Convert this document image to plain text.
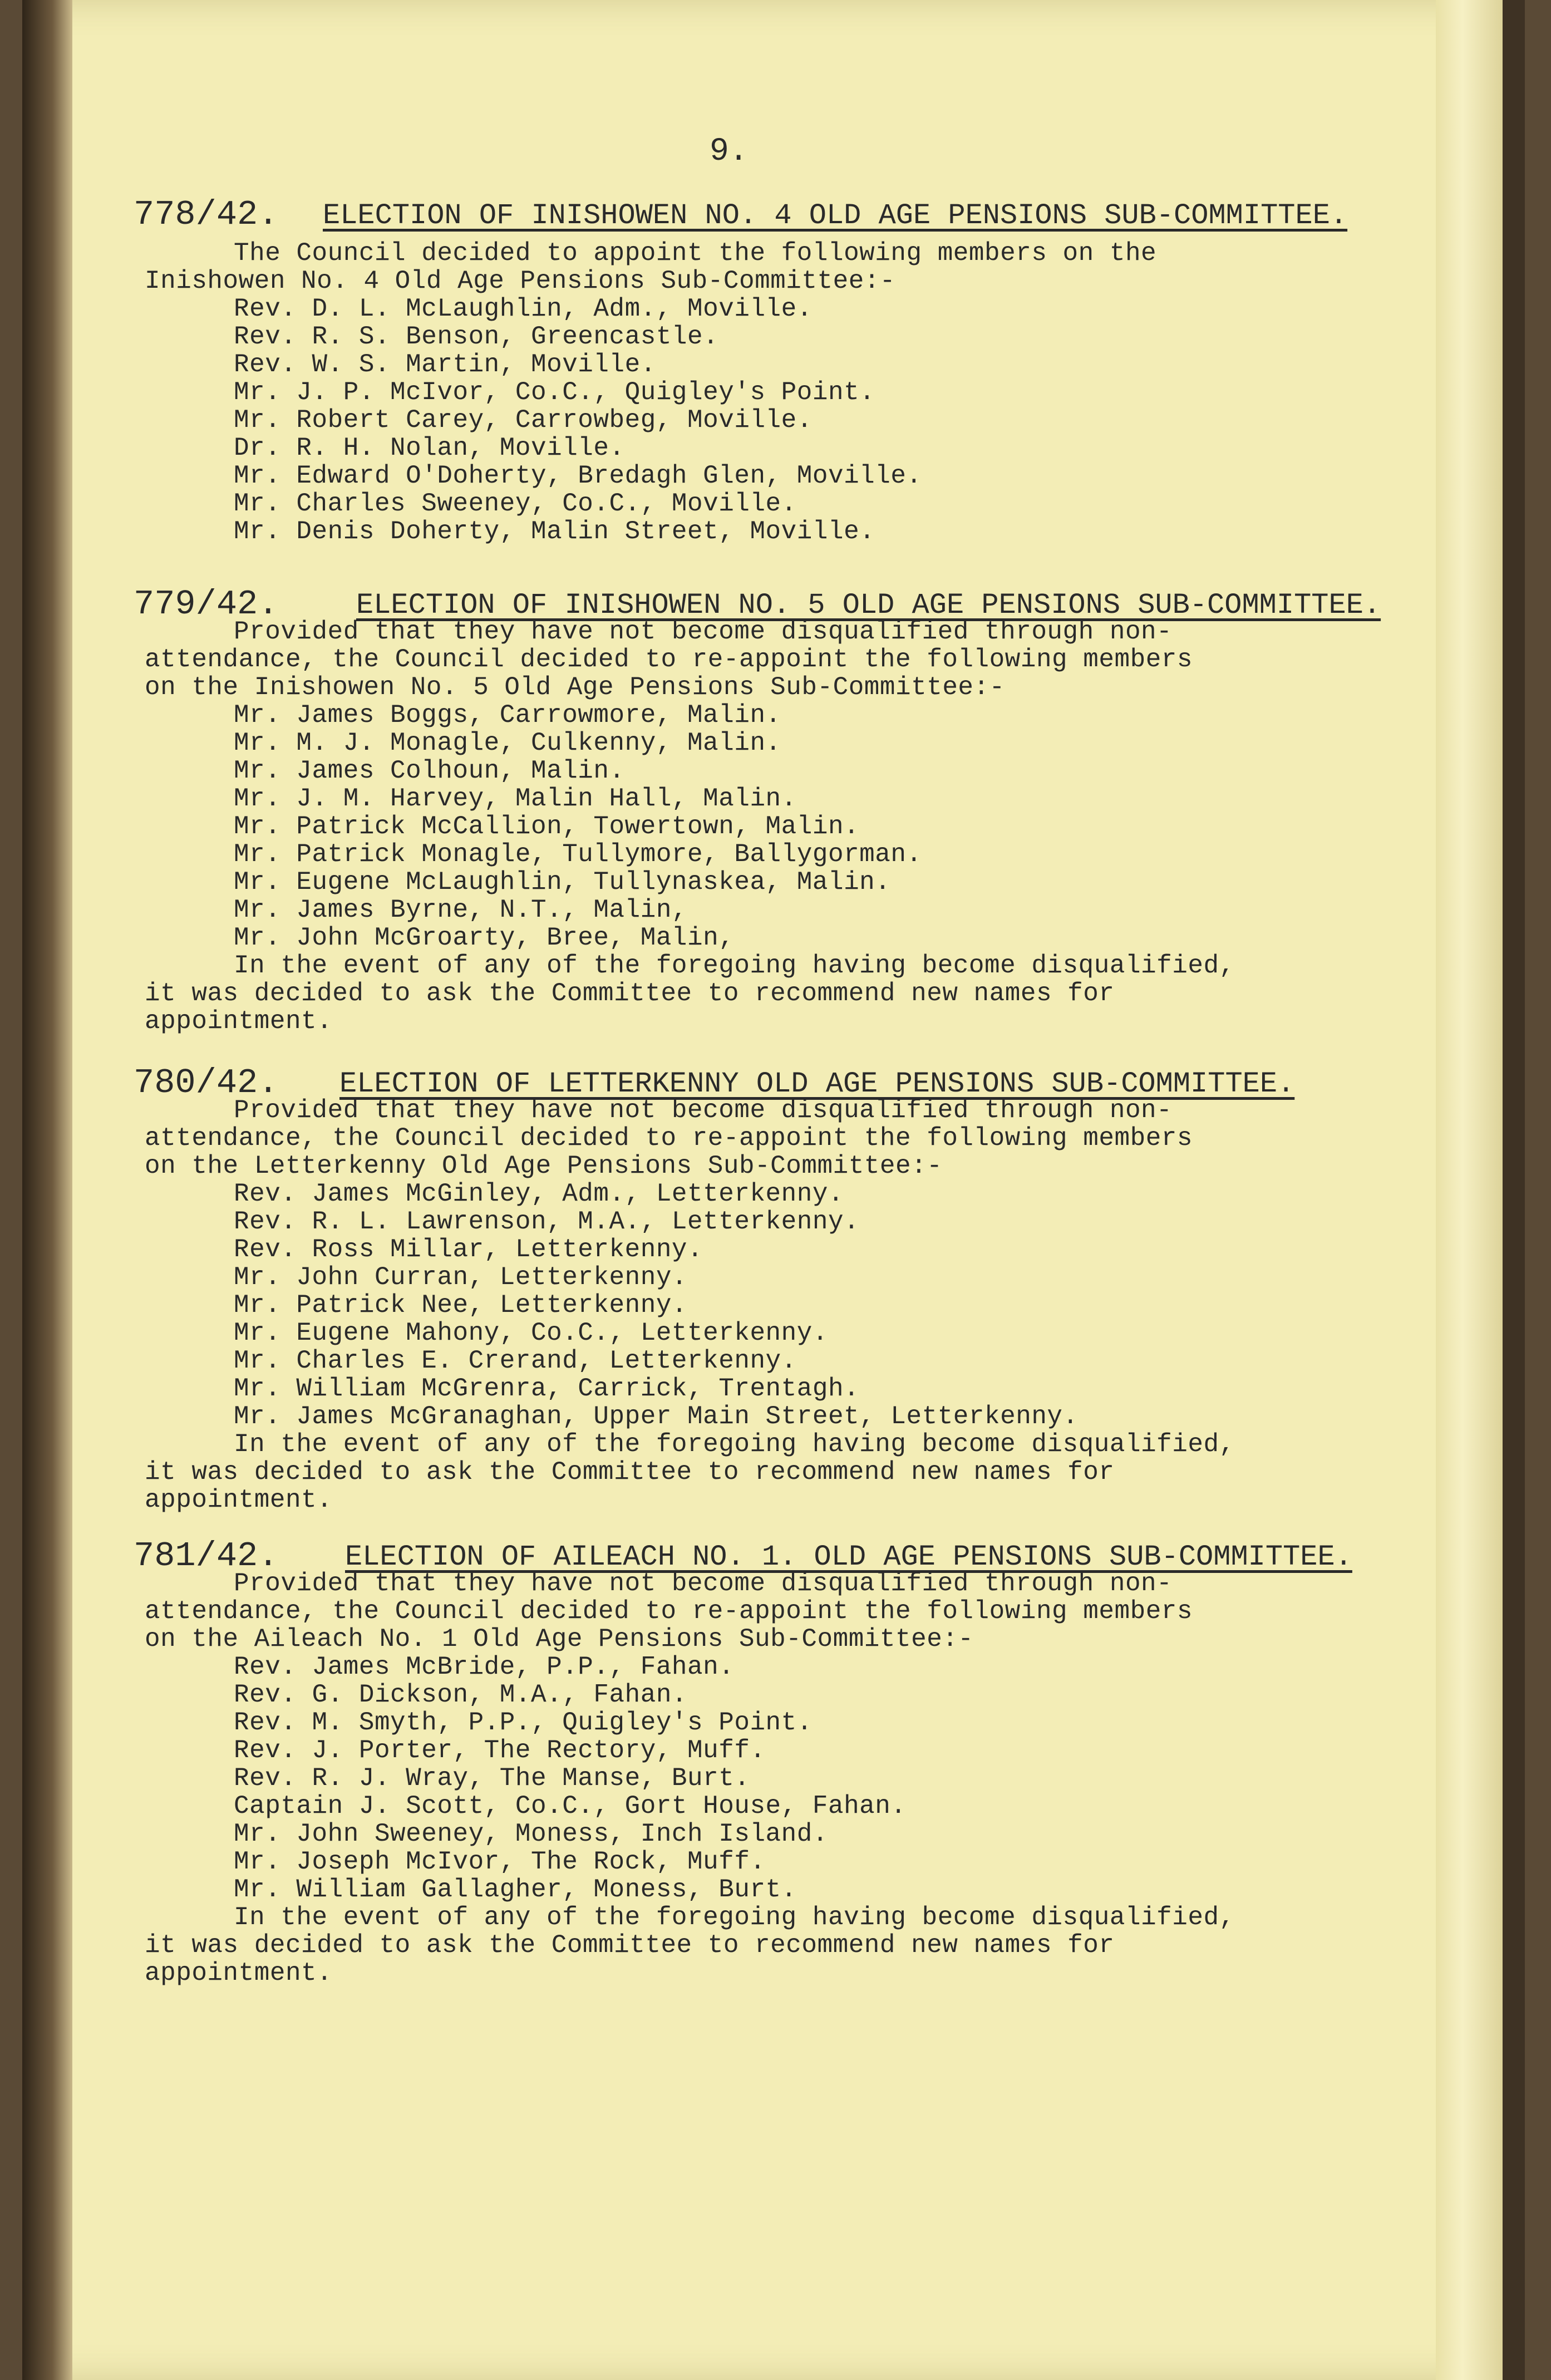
9.
778/42. ELECTION OF INISHOWEN NO. 4 OLD AGE PENSIONS SUB-COMMITTEE.
The Council decided to appoint the following members on the
Inishowen No. 4 Old Age Pensions Sub-Committee:-
Rev. D. L. McLaughlin, Adm., Moville.
Rev. R. S. Benson, Greencastle.
Rev. W. S. Martin, Moville.
Mr. J. P. McIvor, Co.C., Quigley's Point.
Mr. Robert Carey, Carrowbeg, Moville.
Dr. R. H. Nolan, Moville.
Mr. Edward O'Doherty, Bredagh Glen, Moville.
Mr. Charles Sweeney, Co.C., Moville.
Mr. Denis Doherty, Malin Street, Moville.
779/42.	ELECTION OF INISHOWEN NO. 5 OLD AGE PENSIONS SUB-COMMITTEE.
Provided that they have not become disqualified through non-
attendance, the Council decided to re-appoint the following members
on the Inishowen No. 5 Old Age Pensions Sub-Committee:-
Mr. James Boggs, Carrowmore, Malin.
Mr. M. J. Monagle, Culkenny, Malin.
Mr. James Colhoun, Malin.
Mr. J. M. Harvey, Malin Hall, Malin.
Mr. Patrick McCallion, Towertown, Malin.
Mr. Patrick Monagle, Tullymore, Ballygorman.
Mr. Eugene McLaughlin, Tullynaskea, Malin.
Mr. James Byrne, N.T., Malin,
Mr. John McGroarty, Bree, Malin,
In the event of any of the foregoing having become disqualified,
it was decided to ask the Committee to recommend new names for
appointment.
780/42. ELECTION OF LETTERKENNY OLD AGE PENSIONS SUB-COMMITTEE.
Provided that they have not become disqualified through non-
attendance, the Council decided to re-appoint the following members
on the Letterkenny Old Age Pensions Sub-Committee:-
Rev. James McGinley, Adm., Letterkenny.
Rev. R. L. Lawrenson, M.A., Letterkenny.
Rev. Ross Millar, Letterkenny.
Mr. John Curran, Letterkenny.
Mr. Patrick Nee, Letterkenny.
Mr. Eugene Mahony, Co.C., Letterkenny.
Mr. Charles E. Crerand, Letterkenny.
Mr. William McGrenra, Carrick, Trentagh.
Mr. James McGranaghan, Upper Main Street, Letterkenny.
In the event of any of the foregoing having become disqualified,
it was decided to ask the Committee to recommend new names for
appointment.
781/42. ELECTION OF AILEACH NO. 1. OLD AGE PENSIONS SUB-COMMITTEE.
Provided that they have not become disqualified through non-
attendance, the Council decided to re-appoint the following members
on the Aileach No. 1 Old Age Pensions Sub-Committee:-
Rev. James McBride, P.P., Fahan.
Rev. G. Dickson, M.A., Fahan.
Rev. M. Smyth, P.P., Quigley's Point.
Rev. J. Porter, The Rectory, Muff.
Rev. R. J. Wray, The Manse, Burt.
Captain J. Scott, Co.C., Gort House, Fahan.
Mr. John Sweeney, Moness, Inch Island.
Mr. Joseph McIvor, The Rock, Muff.
Mr. William Gallagher, Moness, Burt.
In the event of any of the foregoing having become disqualified,
it was decided to ask the Committee to recommend new names for
appointment.
